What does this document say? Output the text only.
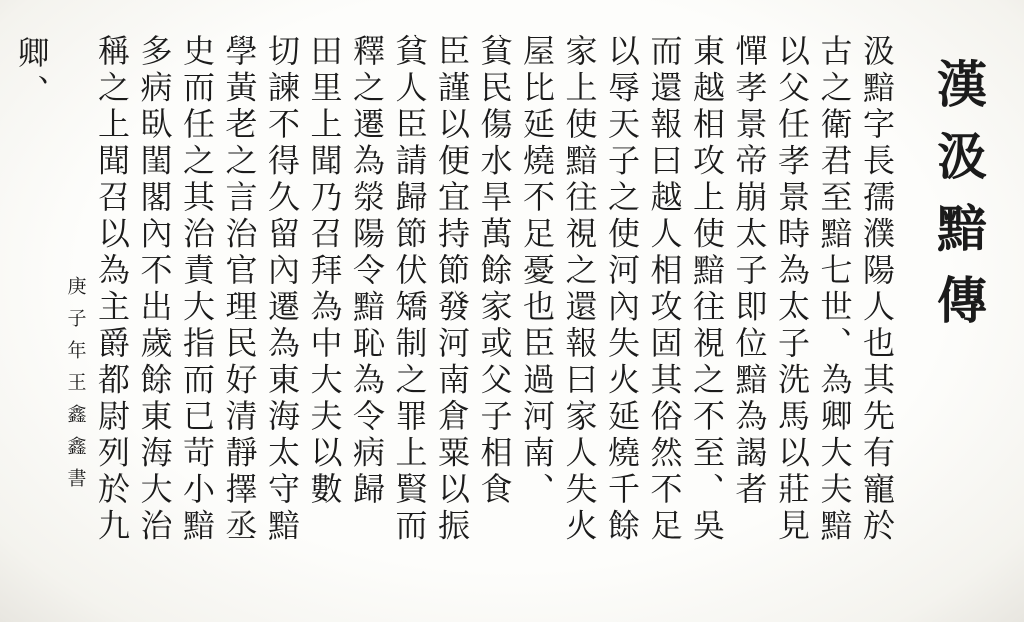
漢汲黯傳
汲黯字長孺濮陽人也其先有寵於
古之衛君至黯七世、為卿大夫黯
以父任孝景時為太子洗馬以莊見
憚孝景帝崩太子即位黯為謁者
東越相攻上使黯往視之不至、吳
而還報曰越人相攻固其俗然不足
以辱天子之使河內失火延燒千餘
家上使黯往視之還報曰家人失火
屋比延燒不足憂也臣過河南、
貧民傷水旱萬餘家或父子相食
臣謹以便宜持節發河南倉粟以振
貧人臣請歸節伏矯制之罪上賢而
釋之遷為滎陽令黯恥為令病歸
田里上聞乃召拜為中大夫以數
切諫不得久留內遷為東海太守黯
學黃老之言治官理民好清靜擇丞
史而任之其治責大指而已苛小黯
多病臥閨閣內不出歲餘東海大治
稱之上聞召以為主爵都尉列於九
庚子年王鑫鑫書
卿、
